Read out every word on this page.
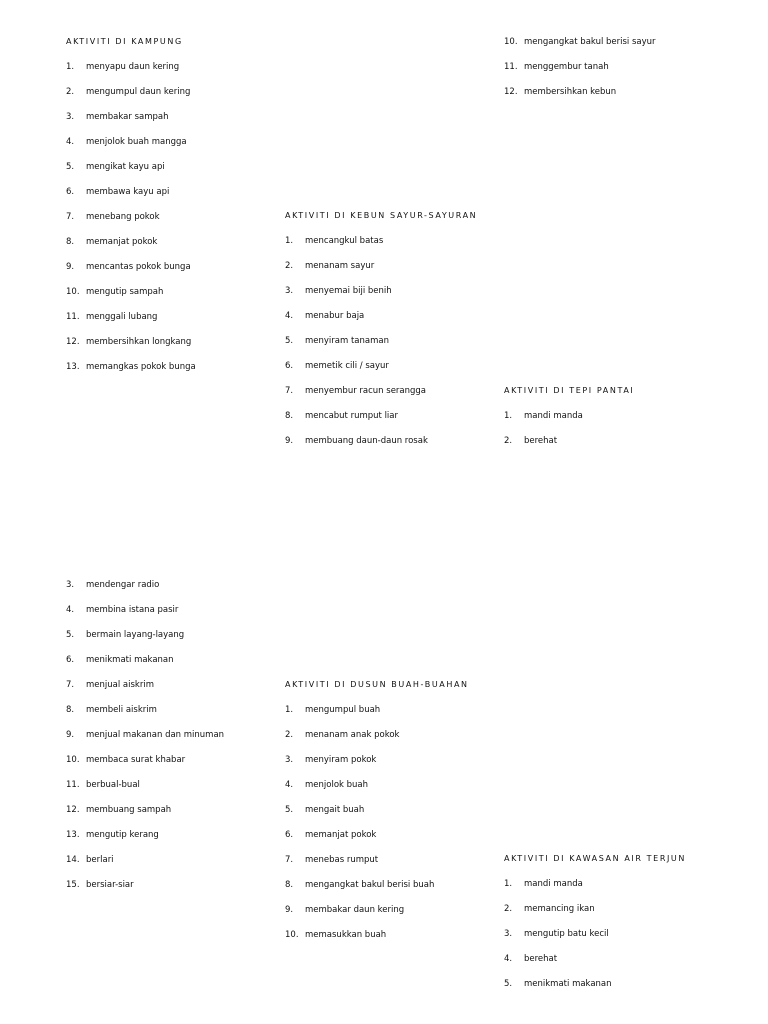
AKTIVITI DI KAMPUNG
1.	menyapu daun kering
2.	mengumpul daun kering
3.	membakar sampah
4.	menjolok buah mangga
5.	mengikat kayu api
6.	membawa kayu api
7.	menebang pokok
8.	memanjat pokok
9.	mencantas pokok bunga
10. mengutip sampah
11. menggali lubang
12. membersihkan longkang
13. memangkas pokok bunga
10. mengangkat bakul berisi sayur
11. menggembur tanah
12. membersihkan kebun
AKTIVITI DI KEBUN SAYUR-SAYURAN
1.	mencangkul batas
2.	menanam sayur
3.	menyemai biji benih
4.	menabur baja
5.	menyiram tanaman
6.	memetik cili / sayur
7.	menyembur racun serangga
8.	mencabut rumput liar
9.	membuang daun-daun rosak
AKTIVITI DI TEPI PANTAI
1.	mandi manda
2.	berehat
3.	mendengar radio
4.	membina istana pasir
5.	bermain layang-layang
6.	menikmati makanan
7.	menjual aiskrim
8.	membeli aiskrim
9.	menjual makanan dan minuman
10. membaca surat khabar
11. berbual-bual
12. membuang sampah
13. mengutip kerang
14. berlari
15. bersiar-siar
AKTIVITI DI DUSUN BUAH-BUAHAN
1.	mengumpul buah
2.	menanam anak pokok
3.	menyiram pokok
4.	menjolok buah
5.	mengait buah
6.	memanjat pokok
7.	menebas rumput
8.	mengangkat bakul berisi buah
9.	membakar daun kering
10. memasukkan buah
AKTIVITI DI KAWASAN AIR TERJUN
1.	mandi manda
2.	memancing ikan
3.	mengutip batu kecil
4.	berehat
5.	menikmati makanan
